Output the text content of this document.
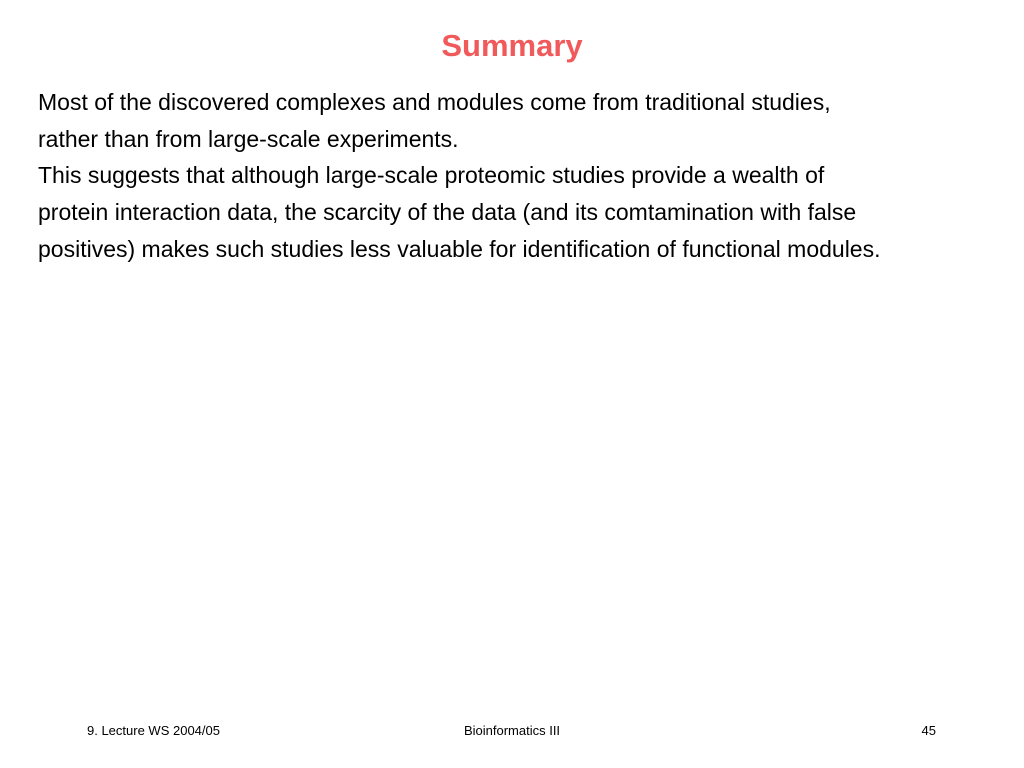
Summary

Most of the discovered complexes and modules come from traditional studies,

rather than from large-scale experiments.

This suggests that although large-scale proteomic studies provide a wealth of

protein interaction data, the scarcity of the data (and its comtamination with false

positives) makes such studies less valuable for identification of functional modules.

9. Lecture WS 2004/05	Bioinformatics III	45
